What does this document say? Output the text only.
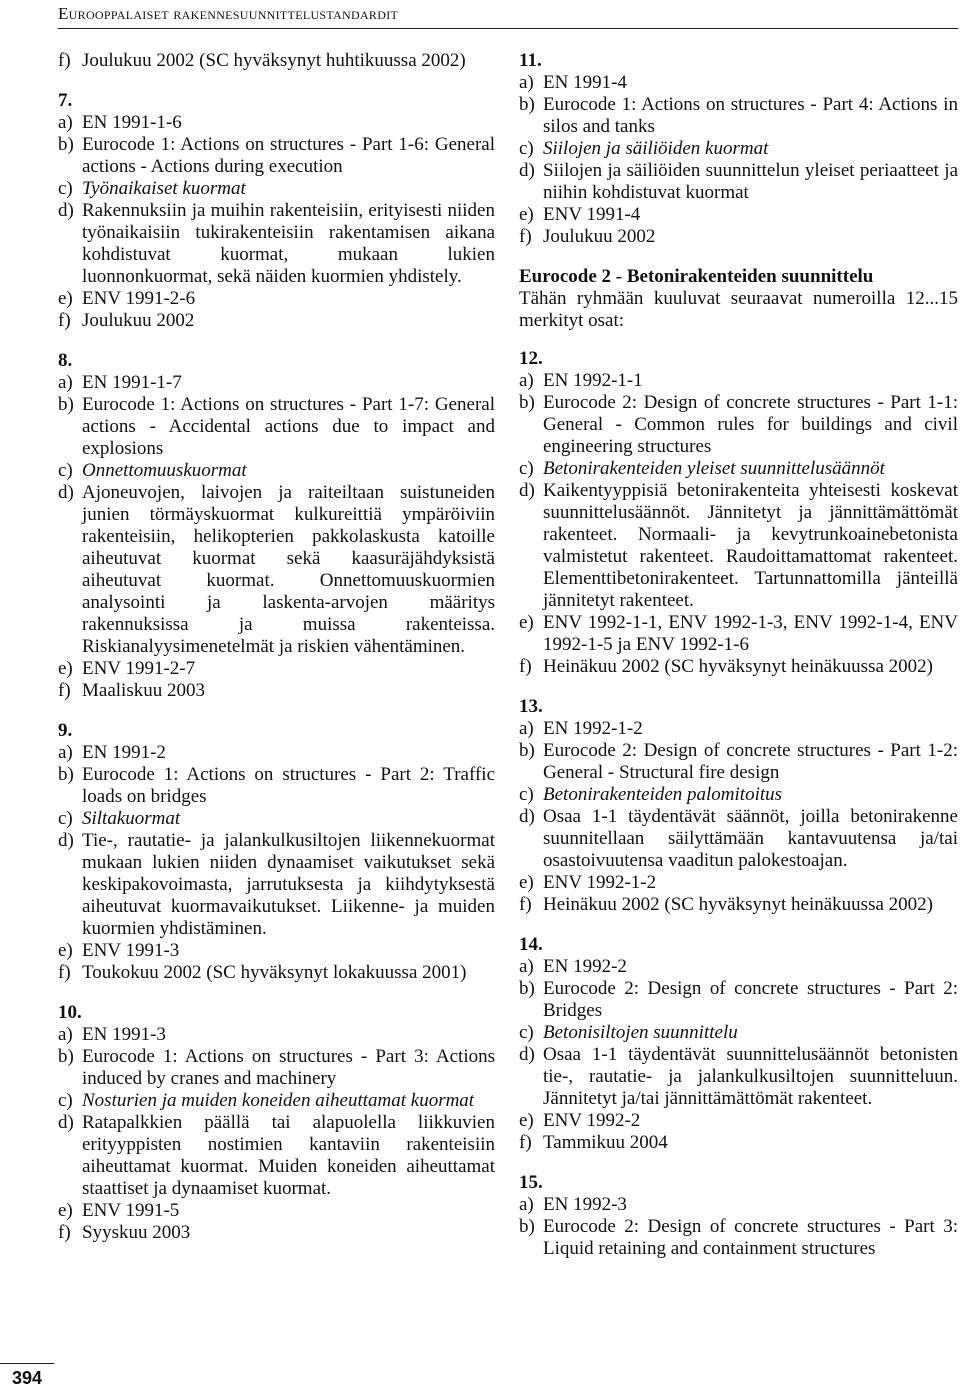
Eurooppalaiset rakennesuunnittelustandardit
f) Joulukuu 2002 (SC hyväksynyt huhtikuussa 2002)
7.
a) EN 1991-1-6
b) Eurocode 1: Actions on structures - Part 1-6: General actions - Actions during execution
c) Työnaikaiset kuormat
d) Rakennuksiin ja muihin rakenteisiin, erityisesti niiden työnaikaisiin tukirakenteisiin rakentamisen aikana kohdistuvat kuormat, mukaan lukien luonnonkuormat, sekä näiden kuormien yhdistely.
e) ENV 1991-2-6
f) Joulukuu 2002
8.
a) EN 1991-1-7
b) Eurocode 1: Actions on structures - Part 1-7: General actions - Accidental actions due to impact and explosions
c) Onnettomuuskuormat
d) Ajoneuvojen, laivojen ja raiteiltaan suistuneiden junien törmäyskuormat kulkureittiä ympäröiviin rakenteisiin, helikopterien pakkolaskusta katoille aiheutuvat kuormat sekä kaasuräjähdyksistä aiheutuvat kuormat. Onnettomuuskuormien analysointi ja laskenta-arvojen määritys rakennuksissa ja muissa rakenteissa. Riskianalyysimenetelmät ja riskien vähentäminen.
e) ENV 1991-2-7
f) Maaliskuu 2003
9.
a) EN 1991-2
b) Eurocode 1: Actions on structures - Part 2: Traffic loads on bridges
c) Siltakuormat
d) Tie-, rautatie- ja jalankulkusiltojen liikennekuormat mukaan lukien niiden dynaamiset vaikutukset sekä keskipakovoimasta, jarrutuksesta ja kiihdytyksestä aiheutuvat kuormavaikutukset. Liikenne- ja muiden kuormien yhdistäminen.
e) ENV 1991-3
f) Toukokuu 2002 (SC hyväksynyt lokakuussa 2001)
10.
a) EN 1991-3
b) Eurocode 1: Actions on structures - Part 3: Actions induced by cranes and machinery
c) Nosturien ja muiden koneiden aiheuttamat kuormat
d) Ratapalkkien päällä tai alapuolella liikkuvien erityyppisten nostimien kantaviin rakenteisiin aiheuttamat kuormat. Muiden koneiden aiheuttamat staattiset ja dynaamiset kuormat.
e) ENV 1991-5
f) Syyskuu 2003
11.
a) EN 1991-4
b) Eurocode 1: Actions on structures - Part 4: Actions in silos and tanks
c) Siilojen ja säiliöiden kuormat
d) Siilojen ja säiliöiden suunnittelun yleiset periaatteet ja niihin kohdistuvat kuormat
e) ENV 1991-4
f) Joulukuu 2002
Eurocode 2 - Betonirakenteiden suunnittelu
Tähän ryhmään kuuluvat seuraavat numeroilla 12...15 merkityt osat:
12.
a) EN 1992-1-1
b) Eurocode 2: Design of concrete structures - Part 1-1: General - Common rules for buildings and civil engineering structures
c) Betonirakenteiden yleiset suunnittelusäännöt
d) Kaikentyyppisiä betonirakenteita yhteisesti koskevat suunnittelusäännöt. Jännitetyt ja jännittämättömät rakenteet. Normaali- ja kevytrunkoainebetonista valmistetut rakenteet. Raudoittamattomat rakenteet. Elementtibetonirakenteet. Tartunnattomilla jänteillä jännitetyt rakenteet.
e) ENV 1992-1-1, ENV 1992-1-3, ENV 1992-1-4, ENV 1992-1-5 ja ENV 1992-1-6
f) Heinäkuu 2002 (SC hyväksynyt heinäkuussa 2002)
13.
a) EN 1992-1-2
b) Eurocode 2: Design of concrete structures - Part 1-2: General - Structural fire design
c) Betonirakenteiden palomitoitus
d) Osaa 1-1 täydentävät säännöt, joilla betonirakenne suunnitellaan säilyttämään kantavuutensa ja/tai osastoivuutensa vaaditun palokestoajan.
e) ENV 1992-1-2
f) Heinäkuu 2002 (SC hyväksynyt heinäkuussa 2002)
14.
a) EN 1992-2
b) Eurocode 2: Design of concrete structures - Part 2: Bridges
c) Betonisiltojen suunnittelu
d) Osaa 1-1 täydentävät suunnittelusäännöt betonisten tie-, rautatie- ja jalankulkusiltojen suunnitteluun. Jännitetyt ja/tai jännittämättömät rakenteet.
e) ENV 1992-2
f) Tammikuu 2004
15.
a) EN 1992-3
b) Eurocode 2: Design of concrete structures - Part 3: Liquid retaining and containment structures
394
